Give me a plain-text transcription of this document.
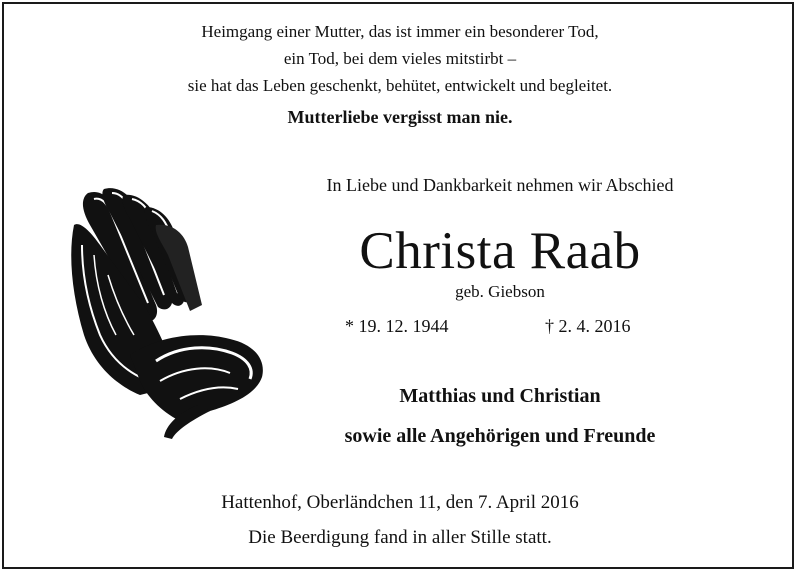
Heimgang einer Mutter, das ist immer ein besonderer Tod,
ein Tod, bei dem vieles mitstirbt –
sie hat das Leben geschenkt, behütet, entwickelt und begleitet.
Mutterliebe vergisst man nie.
In Liebe und Dankbarkeit nehmen wir Abschied
Christa Raab
geb. Giebson
* 19. 12. 1944	† 2. 4. 2016
Matthias und Christian
sowie alle Angehörigen und Freunde
Hattenhof, Oberländchen 11, den 7. April 2016
Die Beerdigung fand in aller Stille statt.
